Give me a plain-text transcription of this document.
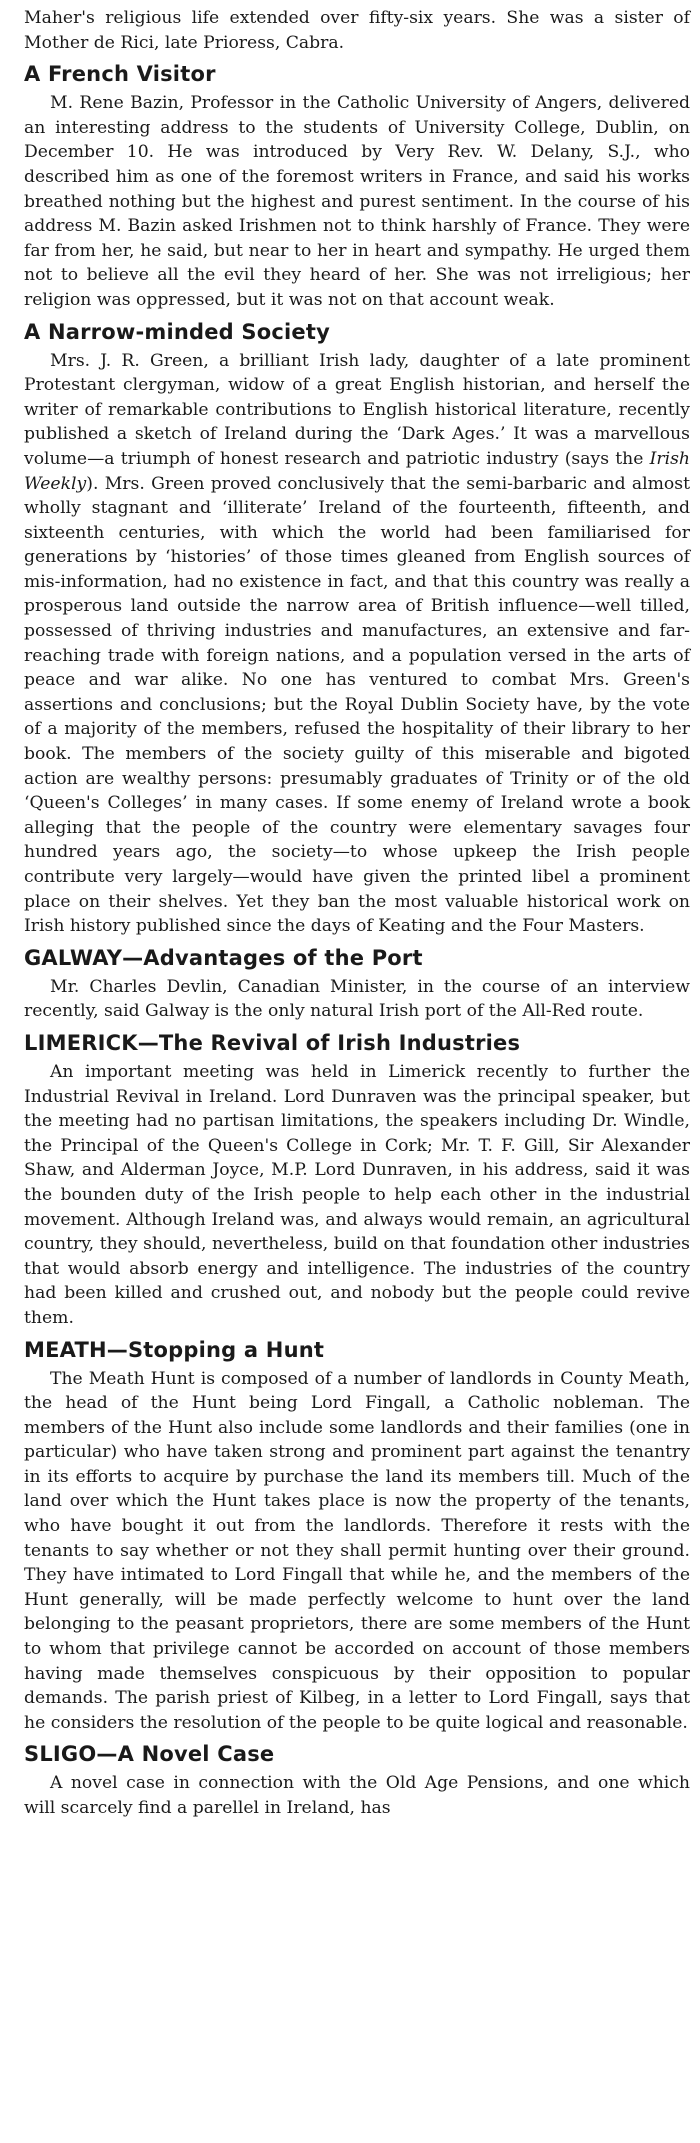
Maher's religious life extended over fifty-six years. She was a sister of Mother de Rici, late Prioress, Cabra.

A French Visitor

M. Rene Bazin, Professor in the Catholic University of Angers, delivered an interesting address to the students of University College, Dublin, on December 10. He was introduced by Very Rev. W. Delany, S.J., who described him as one of the foremost writers in France, and said his works breathed nothing but the highest and purest sentiment. In the course of his address M. Bazin asked Irishmen not to think harshly of France. They were far from her, he said, but near to her in heart and sympathy. He urged them not to believe all the evil they heard of her. She was not irreligious; her religion was oppressed, but it was not on that account weak.

A Narrow-minded Society

Mrs. J. R. Green, a brilliant Irish lady, daughter of a late prominent Protestant clergyman, widow of a great English historian, and herself the writer of remarkable contributions to English historical literature, recently published a sketch of Ireland during the ‘Dark Ages.’ It was a marvellous volume—a triumph of honest research and patriotic industry (says the Irish Weekly). Mrs. Green proved conclusively that the semi-barbaric and almost wholly stagnant and ‘illiterate’ Ireland of the fourteenth, fifteenth, and sixteenth centuries, with which the world had been familiarised for generations by ‘histories’ of those times gleaned from English sources of mis-information, had no existence in fact, and that this country was really a prosperous land outside the narrow area of British influence—well tilled, possessed of thriving industries and manufactures, an extensive and far-reaching trade with foreign nations, and a population versed in the arts of peace and war alike. No one has ventured to combat Mrs. Green's assertions and conclusions; but the Royal Dublin Society have, by the vote of a majority of the members, refused the hospitality of their library to her book. The members of the society guilty of this miserable and bigoted action are wealthy persons: presumably graduates of Trinity or of the old ‘Queen's Colleges’ in many cases. If some enemy of Ireland wrote a book alleging that the people of the country were elementary savages four hundred years ago, the society—to whose upkeep the Irish people contribute very largely—would have given the printed libel a prominent place on their shelves. Yet they ban the most valuable historical work on Irish history published since the days of Keating and the Four Masters.

GALWAY—Advantages of the Port

Mr. Charles Devlin, Canadian Minister, in the course of an interview recently, said Galway is the only natural Irish port of the All-Red route.

LIMERICK—The Revival of Irish Industries

An important meeting was held in Limerick recently to further the Industrial Revival in Ireland. Lord Dunraven was the principal speaker, but the meeting had no partisan limitations, the speakers including Dr. Windle, the Principal of the Queen's College in Cork; Mr. T. F. Gill, Sir Alexander Shaw, and Alderman Joyce, M.P. Lord Dunraven, in his address, said it was the bounden duty of the Irish people to help each other in the industrial movement. Although Ireland was, and always would remain, an agricultural country, they should, nevertheless, build on that foundation other industries that would absorb energy and intelligence. The industries of the country had been killed and crushed out, and nobody but the people could revive them.

MEATH—Stopping a Hunt

The Meath Hunt is composed of a number of landlords in County Meath, the head of the Hunt being Lord Fingall, a Catholic nobleman. The members of the Hunt also include some landlords and their families (one in particular) who have taken strong and prominent part against the tenantry in its efforts to acquire by purchase the land its members till. Much of the land over which the Hunt takes place is now the property of the tenants, who have bought it out from the landlords. Therefore it rests with the tenants to say whether or not they shall permit hunting over their ground. They have intimated to Lord Fingall that while he, and the members of the Hunt generally, will be made perfectly welcome to hunt over the land belonging to the peasant proprietors, there are some members of the Hunt to whom that privilege cannot be accorded on account of those members having made themselves conspicuous by their opposition to popular demands. The parish priest of Kilbeg, in a letter to Lord Fingall, says that he considers the resolution of the people to be quite logical and reasonable.

SLIGO—A Novel Case

A novel case in connection with the Old Age Pensions, and one which will scarcely find a parellel in Ireland, has
